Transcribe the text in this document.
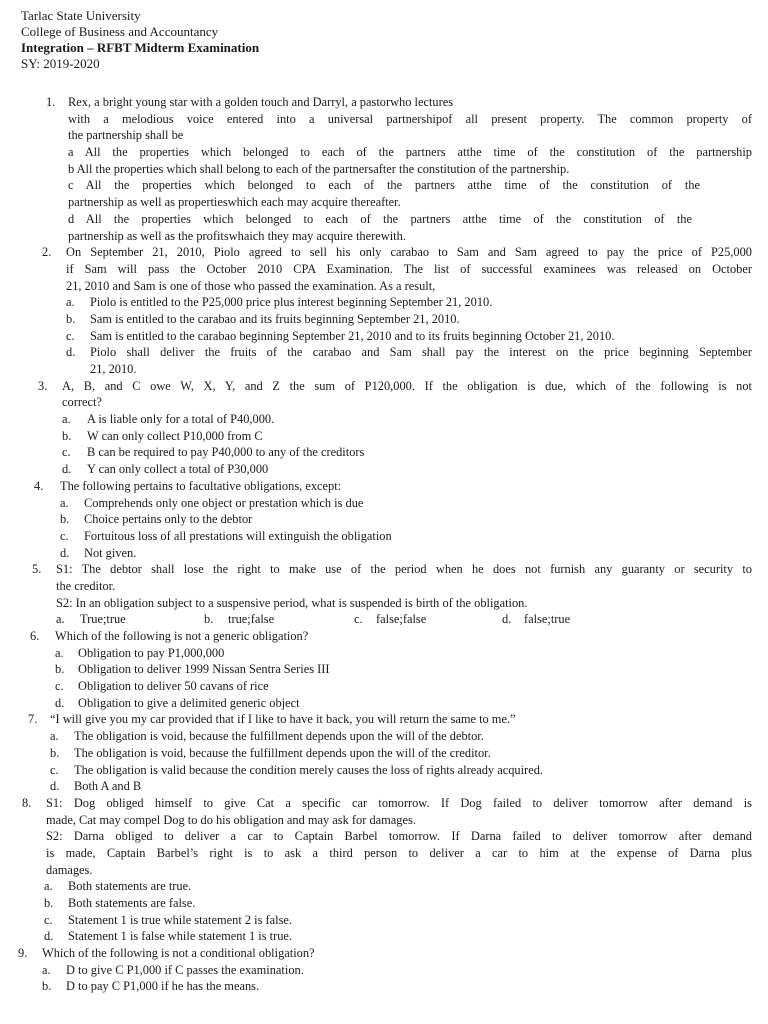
Tarlac State University
College of Business and Accountancy
Integration – RFBT Midterm Examination
SY: 2019-2020
1. Rex, a bright young star with a golden touch and Darryl, a pastorwho lectures
with a melodious voice entered into a universal partnershipof all present property. The common property of
the partnership shall be
a All the properties which belonged to each of the partners atthe time of the constitution of the partnership
b All the properties which shall belong to each of the partnersafter the constitution of the partnership.
c All the properties which belonged to each of the partners atthe time of the constitution of the
partnership as well as propertieswhich each may acquire thereafter.
d All the properties which belonged to each of the partners atthe time of the constitution of the
partnership as well as the profitswhaich they may acquire therewith.
2. On September 21, 2010, Piolo agreed to sell his only carabao to Sam and Sam agreed to pay the price of P25,000
if Sam will pass the October 2010 CPA Examination. The list of successful examinees was released on October
21, 2010 and Sam is one of those who passed the examination. As a result,
a. Piolo is entitled to the P25,000 price plus interest beginning September 21, 2010.
b. Sam is entitled to the carabao and its fruits beginning September 21, 2010.
c. Sam is entitled to the carabao beginning September 21, 2010 and to its fruits beginning October 21, 2010.
d. Piolo shall deliver the fruits of the carabao and Sam shall pay the interest on the price beginning September
21, 2010.
3. A, B, and C owe W, X, Y, and Z the sum of P120,000. If the obligation is due, which of the following is not
correct?
a. A is liable only for a total of P40,000.
b. W can only collect P10,000 from C
c. B can be required to pay P40,000 to any of the creditors
d. Y can only collect a total of P30,000
4. The following pertains to facultative obligations, except:
a. Comprehends only one object or prestation which is due
b. Choice pertains only to the debtor
c. Fortuitous loss of all prestations will extinguish the obligation
d. Not given.
5. S1: The debtor shall lose the right to make use of the period when he does not furnish any guaranty or security to
the creditor.
S2: In an obligation subject to a suspensive period, what is suspended is birth of the obligation.
a. True;true	b. true;false	c. false;false	d. false;true
6. Which of the following is not a generic obligation?
a. Obligation to pay P1,000,000
b. Obligation to deliver 1999 Nissan Sentra Series III
c. Obligation to deliver 50 cavans of rice
d. Obligation to give a delimited generic object
7. “I will give you my car provided that if I like to have it back, you will return the same to me.”
a. The obligation is void, because the fulfillment depends upon the will of the debtor.
b. The obligation is void, because the fulfillment depends upon the will of the creditor.
c. The obligation is valid because the condition merely causes the loss of rights already acquired.
d. Both A and B
8. S1: Dog obliged himself to give Cat a specific car tomorrow. If Dog failed to deliver tomorrow after demand is
made, Cat may compel Dog to do his obligation and may ask for damages.
S2: Darna obliged to deliver a car to Captain Barbel tomorrow. If Darna failed to deliver tomorrow after demand
is made, Captain Barbel’s right is to ask a third person to deliver a car to him at the expense of Darna plus
damages.
a. Both statements are true.
b. Both statements are false.
c. Statement 1 is true while statement 2 is false.
d. Statement 1 is false while statement 1 is true.
9. Which of the following is not a conditional obligation?
a. D to give C P1,000 if C passes the examination.
b. D to pay C P1,000 if he has the means.
